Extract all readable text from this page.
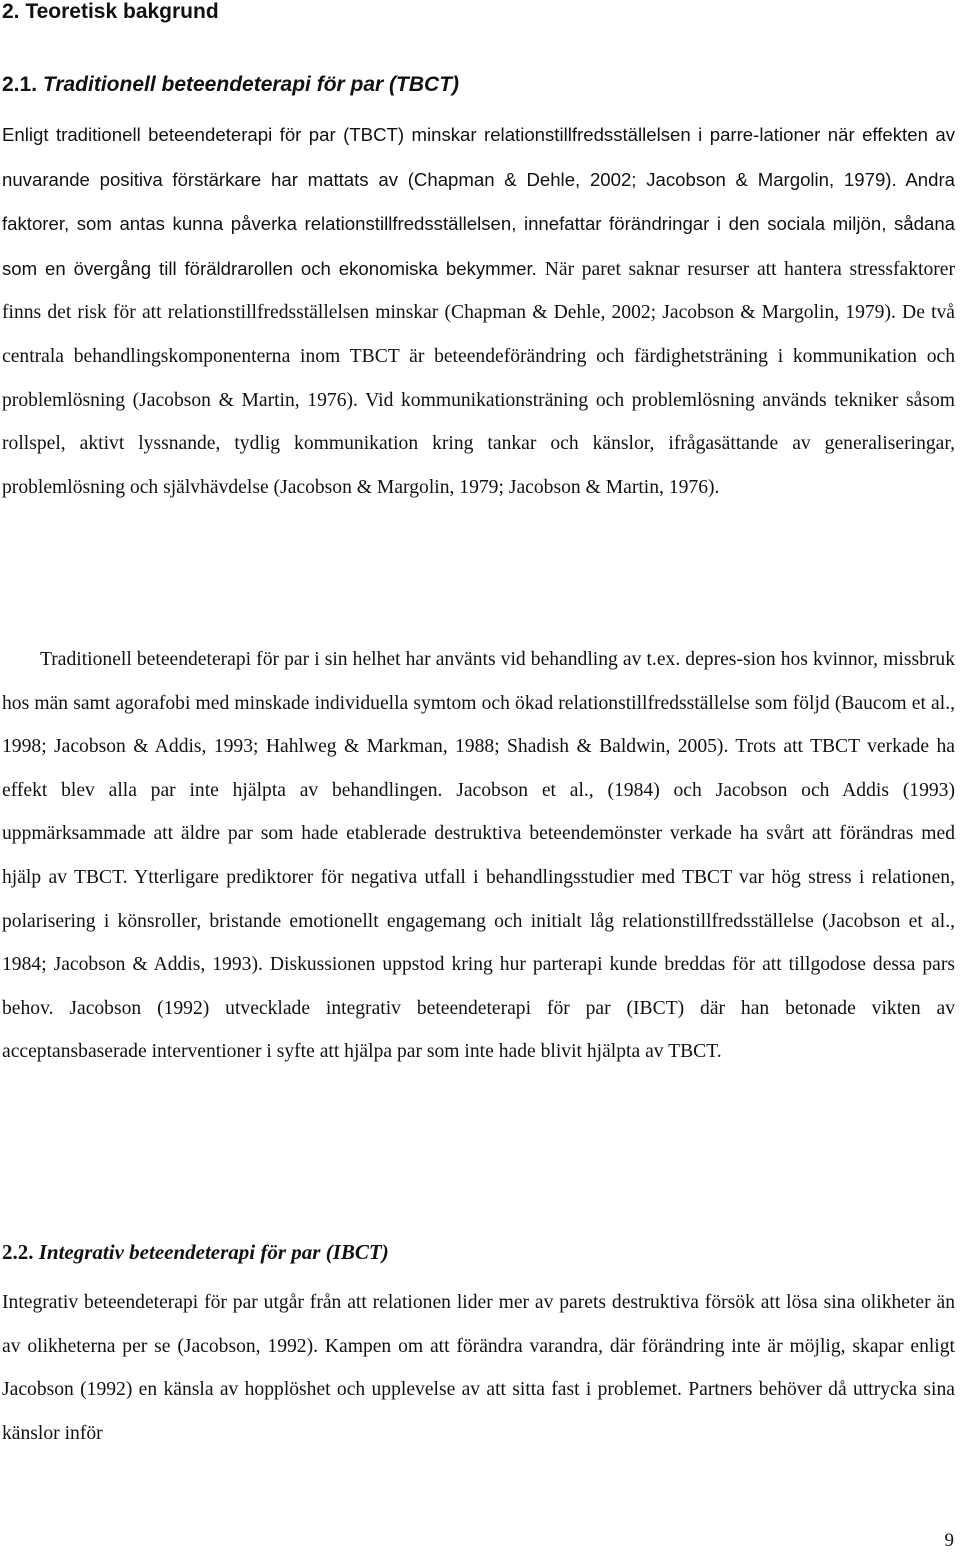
2. Teoretisk bakgrund
2.1. Traditionell beteendeterapi för par (TBCT)

Enligt traditionell beteendeterapi för par (TBCT) minskar relationstillfredsställelsen i parre-lationer när effekten av nuvarande positiva förstärkare har mattats av (Chapman & Dehle, 2002; Jacobson & Margolin, 1979). Andra faktorer, som antas kunna påverka relationstillfredsställelsen, innefattar förändringar i den sociala miljön, sådana som en övergång till föräldrarollen och ekonomiska bekymmer. När paret saknar resurser att hantera stressfaktorer finns det risk för att relationstillfredsställelsen minskar (Chapman & Dehle, 2002; Jacobson & Margolin, 1979). De två centrala behandlingskomponenterna inom TBCT är beteendeförändring och färdighetsträning i kommunikation och problemlösning (Jacobson & Martin, 1976). Vid kommunikationsträning och problemlösning används tekniker såsom rollspel, aktivt lyssnande, tydlig kommunikation kring tankar och känslor, ifrågasättande av generaliseringar, problemlösning och självhävdelse (Jacobson & Margolin, 1979; Jacobson & Martin, 1976).

Traditionell beteendeterapi för par i sin helhet har använts vid behandling av t.ex. depres-sion hos kvinnor, missbruk hos män samt agorafobi med minskade individuella symtom och ökad relationstillfredsställelse som följd (Baucom et al., 1998; Jacobson & Addis, 1993; Hahlweg & Markman, 1988; Shadish & Baldwin, 2005). Trots att TBCT verkade ha effekt blev alla par inte hjälpta av behandlingen. Jacobson et al., (1984) och Jacobson och Addis (1993) uppmärksammade att äldre par som hade etablerade destruktiva beteendemönster verkade ha svårt att förändras med hjälp av TBCT. Ytterligare prediktorer för negativa utfall i behandlingsstudier med TBCT var hög stress i relationen, polarisering i könsroller, bristande emotionellt engagemang och initialt låg relationstillfredsställelse (Jacobson et al., 1984; Jacobson & Addis, 1993). Diskussionen uppstod kring hur parterapi kunde breddas för att tillgodose dessa pars behov. Jacobson (1992) utvecklade integrativ beteendeterapi för par (IBCT) där han betonade vikten av acceptansbaserade interventioner i syfte att hjälpa par som inte hade blivit hjälpta av TBCT.

2.2. Integrativ beteendeterapi för par (IBCT)

Integrativ beteendeterapi för par utgår från att relationen lider mer av parets destruktiva försök att lösa sina olikheter än av olikheterna per se (Jacobson, 1992). Kampen om att förändra varandra, där förändring inte är möjlig, skapar enligt Jacobson (1992) en känsla av hopplöshet och upplevelse av att sitta fast i problemet. Partners behöver då uttrycka sina känslor inför

9
